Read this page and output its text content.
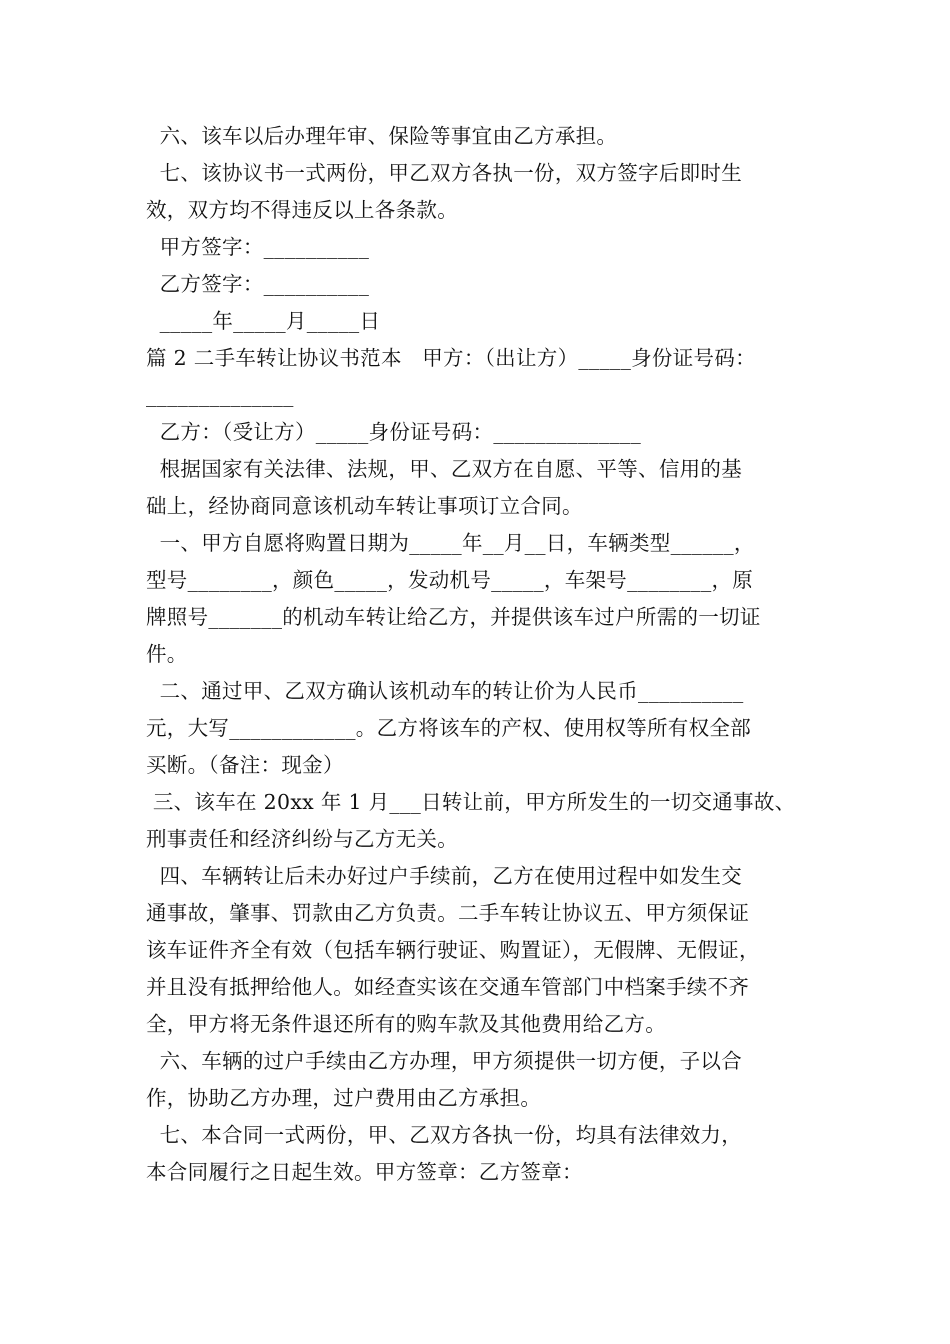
六、该车以后办理年审、保险等事宜由乙方承担。
七、该协议书一式两份，甲乙双方各执一份，双方签字后即时生
效，双方均不得违反以上各条款。
甲方签字：__________
乙方签字：__________
_____年_____月_____日
篇 2 二手车转让协议书范本   甲方：（出让方）_____身份证号码：
______________
乙方：（受让方）_____身份证号码：______________
根据国家有关法律、法规，甲、乙双方在自愿、平等、信用的基
础上，经协商同意该机动车转让事项订立合同。
一、甲方自愿将购置日期为_____年__月__日，车辆类型______，
型号________，颜色_____，发动机号_____，车架号________，原
牌照号_______的机动车转让给乙方，并提供该车过户所需的一切证
件。
二、通过甲、乙双方确认该机动车的转让价为人民币__________
元，大写____________。乙方将该车的产权、使用权等所有权全部
买断。（备注：现金）
三、该车在 20xx 年 1 月___日转让前，甲方所发生的一切交通事故、
刑事责任和经济纠纷与乙方无关。
四、车辆转让后未办好过户手续前，乙方在使用过程中如发生交
通事故，肇事、罚款由乙方负责。二手车转让协议五、甲方须保证
该车证件齐全有效（包括车辆行驶证、购置证），无假牌、无假证，
并且没有抵押给他人。如经查实该在交通车管部门中档案手续不齐
全，甲方将无条件退还所有的购车款及其他费用给乙方。
六、车辆的过户手续由乙方办理，甲方须提供一切方便，子以合
作，协助乙方办理，过户费用由乙方承担。
七、本合同一式两份，甲、乙双方各执一份，均具有法律效力，
本合同履行之日起生效。甲方签章：乙方签章：
